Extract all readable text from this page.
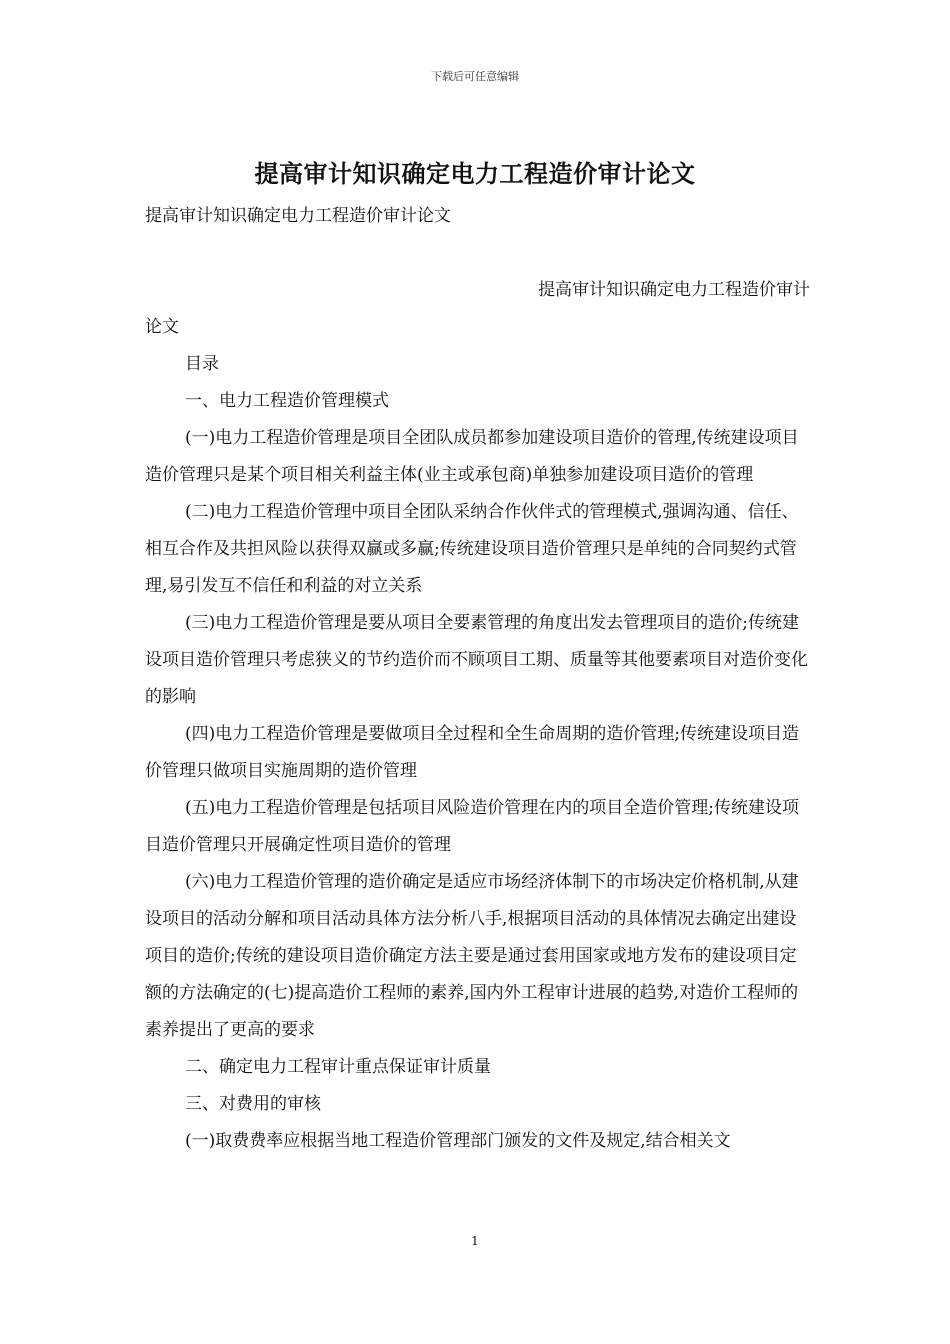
下载后可任意编辑
提高审计知识确定电力工程造价审计论文

提高审计知识确定电力工程造价审计论文

提高审计知识确定电力工程造价审计

论文

目录

一、电力工程造价管理模式

(一)电力工程造价管理是项目全团队成员都参加建设项目造价的管理,传统建设项目造价管理只是某个项目相关利益主体(业主或承包商)单独参加建设项目造价的管理

(二)电力工程造价管理中项目全团队采纳合作伙伴式的管理模式,强调沟通、信任、相互合作及共担风险以获得双赢或多赢;传统建设项目造价管理只是单纯的合同契约式管理,易引发互不信任和利益的对立关系

(三)电力工程造价管理是要从项目全要素管理的角度出发去管理项目的造价;传统建设项目造价管理只考虑狭义的节约造价而不顾项目工期、质量等其他要素项目对造价变化的影响

(四)电力工程造价管理是要做项目全过程和全生命周期的造价管理;传统建设项目造价管理只做项目实施周期的造价管理

(五)电力工程造价管理是包括项目风险造价管理在内的项目全造价管理;传统建设项目造价管理只开展确定性项目造价的管理

(六)电力工程造价管理的造价确定是适应市场经济体制下的市场决定价格机制,从建设项目的活动分解和项目活动具体方法分析八手,根据项目活动的具体情况去确定出建设项目的造价;传统的建设项目造价确定方法主要是通过套用国家或地方发布的建设项目定额的方法确定的(七)提高造价工程师的素养,国内外工程审计进展的趋势,对造价工程师的素养提出了更高的要求

二、确定电力工程审计重点保证审计质量

三、对费用的审核

(一)取费费率应根据当地工程造价管理部门颁发的文件及规定,结合相关文

1
